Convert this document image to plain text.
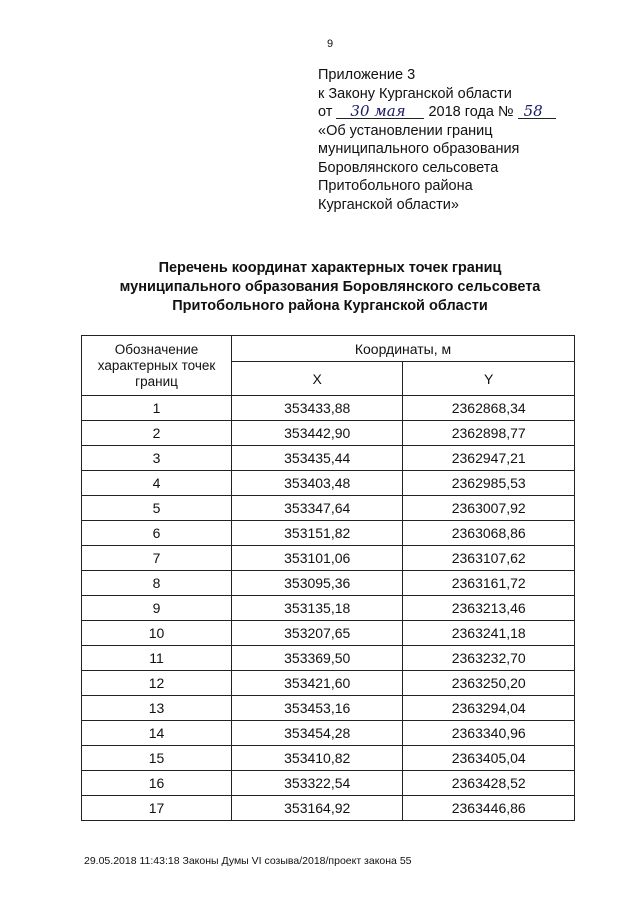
9
Приложение 3
к Закону Курганской области
от 30 мая 2018 года № 58
«Об установлении границ
муниципального образования
Боровлянского сельсовета
Притобольного района
Курганской области»
Перечень координат характерных точек границ
муниципального образования Боровлянского сельсовета
Притобольного района Курганской области
Обозначение характерных точек границ	Координаты, м	
	X	Y
1	353433,88	2362868,34
2	353442,90	2362898,77
3	353435,44	2362947,21
4	353403,48	2362985,53
5	353347,64	2363007,92
6	353151,82	2363068,86
7	353101,06	2363107,62
8	353095,36	2363161,72
9	353135,18	2363213,46
10	353207,65	2363241,18
11	353369,50	2363232,70
12	353421,60	2363250,20
13	353453,16	2363294,04
14	353454,28	2363340,96
15	353410,82	2363405,04
16	353322,54	2363428,52
17	353164,92	2363446,86
29.05.2018 11:43:18 Законы Думы VI созыва/2018/проект закона 55
